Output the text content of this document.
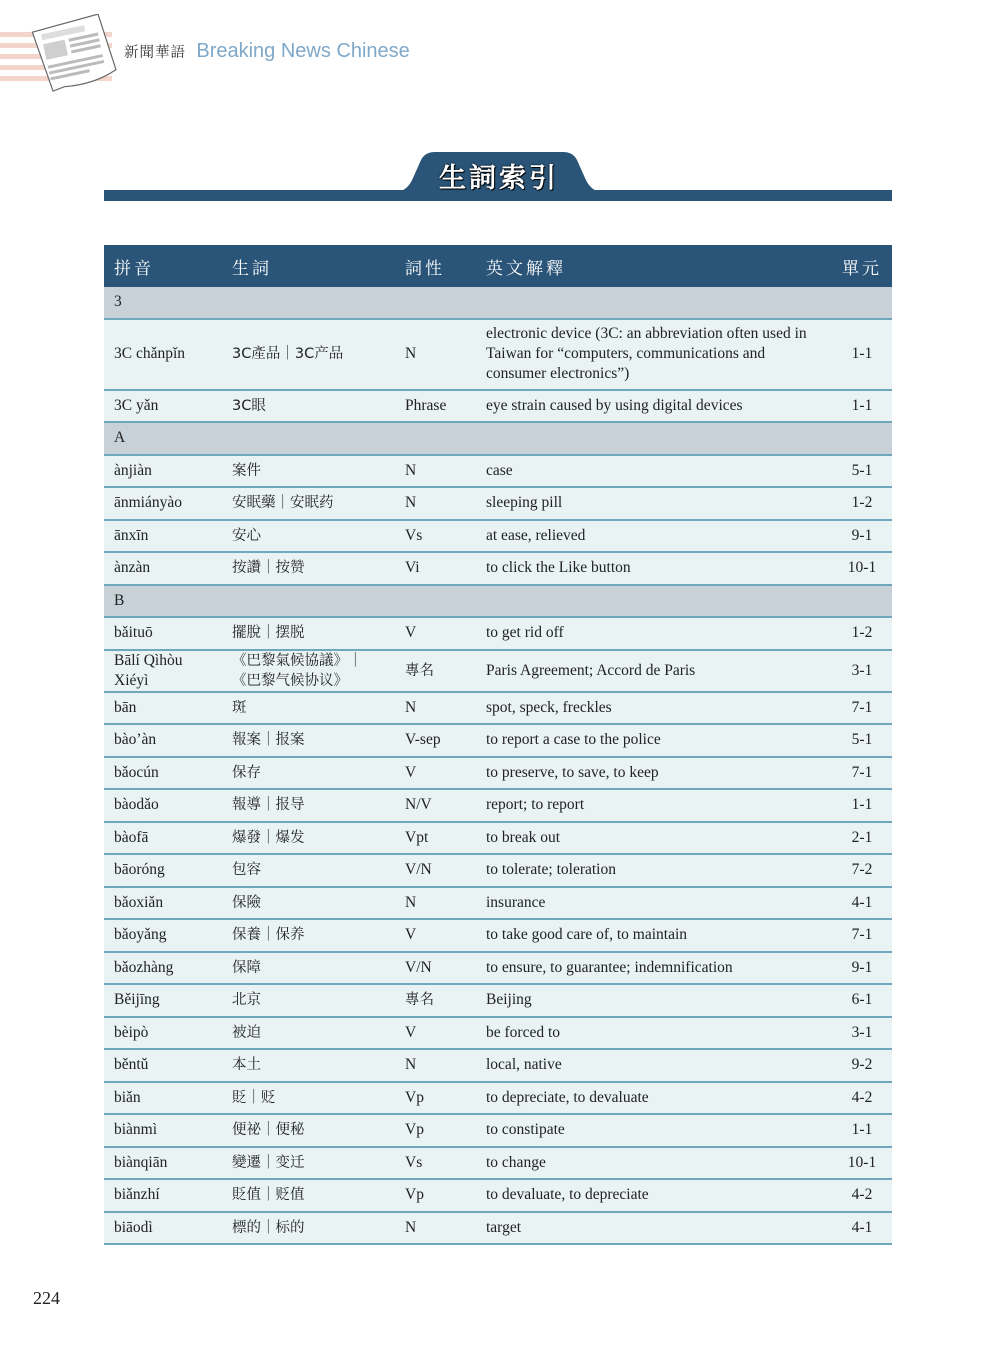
新聞華語 Breaking News Chinese
生詞索引
拼音	生詞	詞性	英文解釋	單元
3				
3C chǎnpǐn	3C產品｜3C产品	N	electronic device (3C: an abbreviation often used in Taiwan for “computers, communications and consumer electronics”)	1-1
3C yǎn	3C眼	Phrase	eye strain caused by using digital devices	1-1
A				
ànjiàn	案件	N	case	5-1
ānmiányào	安眠藥｜安眠药	N	sleeping pill	1-2
ānxīn	安心	Vs	at ease, relieved	9-1
ànzàn	按讚｜按赞	Vi	to click the Like button	10-1
B				
bǎituō	擺脫｜摆脱	V	to get rid off	1-2
Bālí Qìhòu Xiéyì	《巴黎氣候協議》｜《巴黎气候协议》	專名	Paris Agreement; Accord de Paris	3-1
bān	斑	N	spot, speck, freckles	7-1
bào’àn	報案｜报案	V-sep	to report a case to the police	5-1
bǎocún	保存	V	to preserve, to save, to keep	7-1
bàodǎo	報導｜报导	N/V	report; to report	1-1
bàofā	爆發｜爆发	Vpt	to break out	2-1
bāoróng	包容	V/N	to tolerate; toleration	7-2
bǎoxiǎn	保險	N	insurance	4-1
bǎoyǎng	保養｜保养	V	to take good care of, to maintain	7-1
bǎozhàng	保障	V/N	to ensure, to guarantee; indemnification	9-1
Běijīng	北京	專名	Beijing	6-1
bèipò	被迫	V	be forced to	3-1
běntǔ	本土	N	local, native	9-2
biǎn	貶｜贬	Vp	to depreciate, to devaluate	4-2
biànmì	便祕｜便秘	Vp	to constipate	1-1
biànqiān	變遷｜变迁	Vs	to change	10-1
biǎnzhí	貶值｜贬值	Vp	to devaluate, to depreciate	4-2
biāodì	標的｜标的	N	target	4-1
224
